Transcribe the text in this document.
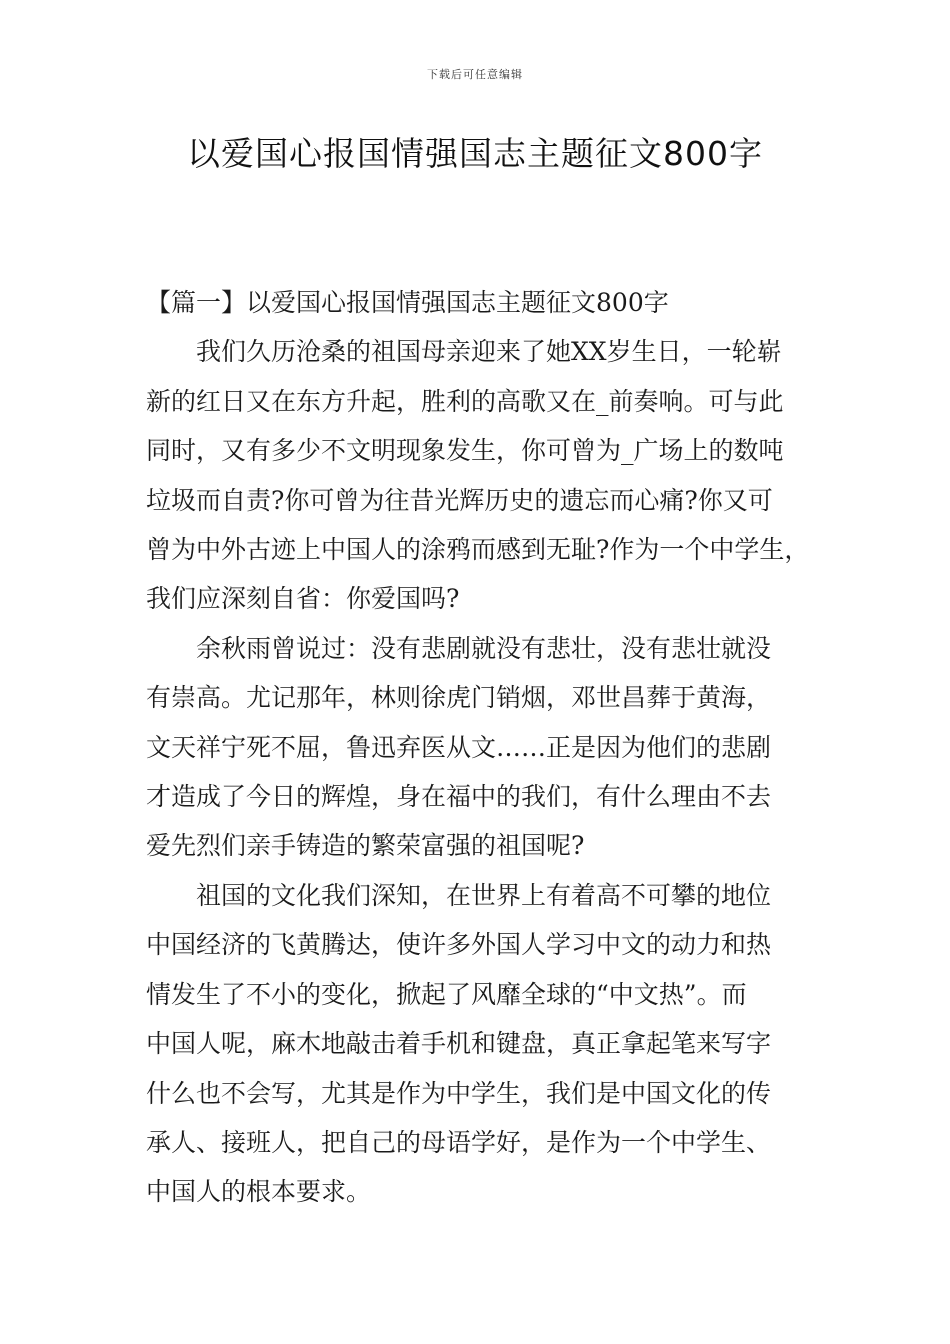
下载后可任意编辑
以爱国心报国情强国志主题征文800字
【篇一】以爱国心报国情强国志主题征文800字

我们久历沧桑的祖国母亲迎来了她XX岁生日，一轮崭
新的红日又在东方升起，胜利的高歌又在_前奏响。可与此
同时，又有多少不文明现象发生，你可曾为_广场上的数吨
垃圾而自责?你可曾为往昔光辉历史的遗忘而心痛?你又可
曾为中外古迹上中国人的涂鸦而感到无耻?作为一个中学生，
我们应深刻自省：你爱国吗?

余秋雨曾说过：没有悲剧就没有悲壮，没有悲壮就没
有崇高。尤记那年，林则徐虎门销烟，邓世昌葬于黄海，
文天祥宁死不屈，鲁迅弃医从文……正是因为他们的悲剧
才造成了今日的辉煌，身在福中的我们，有什么理由不去
爱先烈们亲手铸造的繁荣富强的祖国呢?

祖国的文化我们深知，在世界上有着高不可攀的地位
中国经济的飞黄腾达，使许多外国人学习中文的动力和热
情发生了不小的变化，掀起了风靡全球的“中文热”。而
中国人呢，麻木地敲击着手机和键盘，真正拿起笔来写字
什么也不会写，尤其是作为中学生，我们是中国文化的传
承人、接班人，把自己的母语学好，是作为一个中学生、
中国人的根本要求。
